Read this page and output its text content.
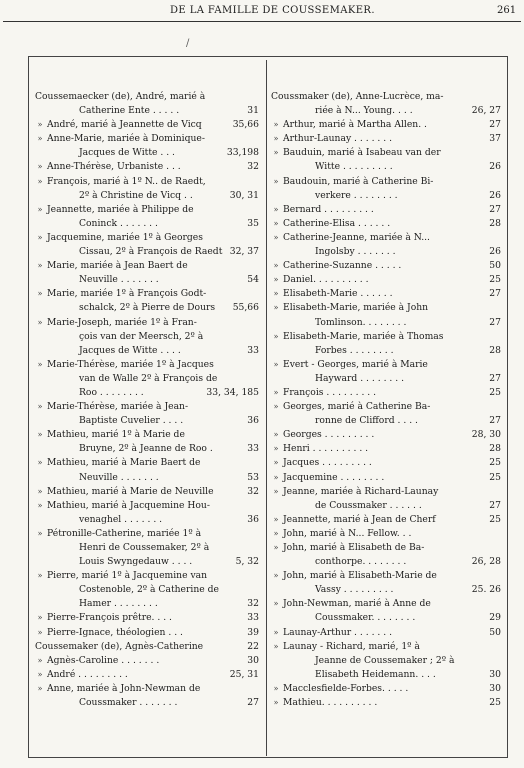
DE LA FAMILLE DE COUSSEMAKER.	261
/
Coussemaecker (de), André, marié à
Catherine Ente . . . . .	31
» André, marié à Jeannette de Vicq	35,66
» Anne-Marie, mariée à Dominique-
Jacques de Witte . . .	33,198
» Anne-Thérèse, Urbaniste . . .	32
» François, marié à 1º N.. de Raedt,
2º à Christine de Vicq . .	30, 31
» Jeannette, mariée à Philippe de
Coninck . . . . . . .	35
» Jacquemine, mariée 1º à Georges
Cissau, 2º à François de Raedt 32, 37
» Marie, mariée à Jean Baert de
Neuville . . . . . . .	54
» Marie, mariée 1º à François Godt-
schalck, 2º à Pierre de Dours 55,66
» Marie-Joseph, mariée 1º à Fran-
çois van der Meersch, 2º à
Jacques de Witte . . . .	33
» Marie-Thérèse, mariée 1º à Jacques
van de Walle 2º à François de
Roo . . . . . . . .	33, 34, 185
» Marie-Thérèse, mariée à Jean-
Baptiste Cuvelier . . . .	36
» Mathieu, marié 1º à Marie de
Bruyne, 2º à Jeanne de Roo .	33
» Mathieu, marié à Marie Baert de
Neuville . . . . . . .	53
» Mathieu, marié à Marie de Neuville	32
» Mathieu, marié à Jacquemine Hou-
venaghel . . . . . . .	36
» Pétronille-Catherine, mariée 1º à
Henri de Coussemaker, 2º à
Louis Swyngedauw . . . .	5, 32
» Pierre, marié 1º à Jacquemine van
Costenoble, 2º à Catherine de
Hamer . . . . . . . .	32
» Pierre-François prêtre. . . .	33
» Pierre-Ignace, théologien . . .	39
Coussemaker (de), Agnès-Catherine	22
» Agnès-Caroline . . . . . . .	30
» André . . . . . . . . .	25, 31
» Anne, mariée à John-Newman de
Coussmaker . . . . . . .	27
Coussmaker (de), Anne-Lucrèce, ma-
riée à N... Young. . . .	26, 27
» Arthur, marié à Martha Allen. .	27
» Arthur-Launay . . . . . . .	37
» Bauduin, marié à Isabeau van der
Witte . . . . . . . . .	26
» Baudouin, marié à Catherine Bi-
verkere . . . . . . . .	26
» Bernard . . . . . . . . .	27
» Catherine-Elisa . . . . . .	28
» Catherine-Jeanne, mariée à N...
Ingolsby . . . . . . .	26
» Catherine-Suzanne . . . . .	50
» Daniel. . . . . . . . . .	25
» Elisabeth-Marie . . . . . .	27
» Elisabeth-Marie, mariée à John
Tomlinson. . . . . . . .	27
» Elisabeth-Marie, mariée à Thomas
Forbes . . . . . . . .	28
» Evert - Georges, marié à Marie
Hayward . . . . . . . .	27
» François . . . . . . . . .	25
» Georges, marié à Catherine Ba-
ronne de Clifford . . . .	27
» Georges . . . . . . . . .	28, 30
» Henri . . . . . . . . . .	28
» Jacques . . . . . . . . .	25
» Jacquemine . . . . . . . .	25
» Jeanne, mariée à Richard-Launay
de Coussmaker . . . . . .	27
» Jeannette, marié à Jean de Cherf	25
» John, marié à N... Fellow. . .
» John, marié à Elisabeth de Ba-
conthorpe. . . . . . . .	26, 28
» John, marié à Elisabeth-Marie de
Vassy . . . . . . . . .	25. 26
» John-Newman, marié à Anne de
Coussmaker. . . . . . . .	29
» Launay-Arthur . . . . . . .	50
» Launay - Richard, marié, 1º à
Jeanne de Coussemaker ; 2º à
Elisabeth Heidemann. . . .	30
» Macclesfielde-Forbes. . . . .	30
» Mathieu. . . . . . . . . .	25
